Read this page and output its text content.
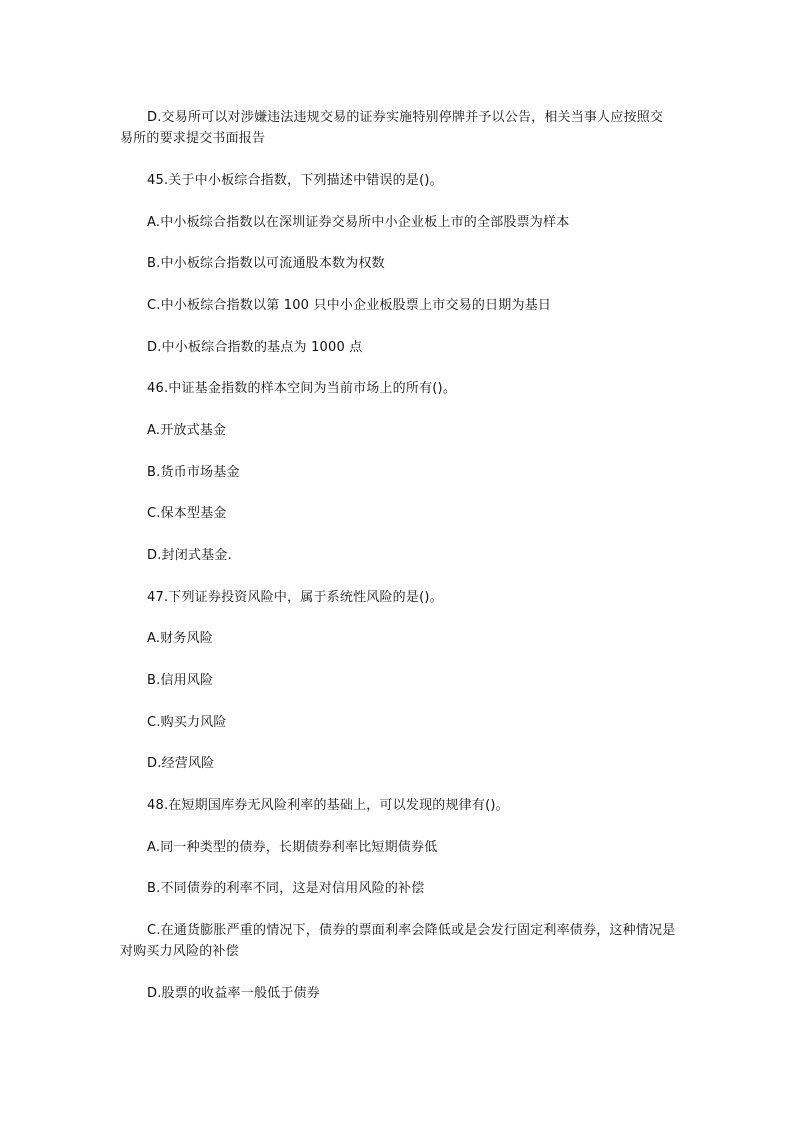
D.交易所可以对涉嫌违法违规交易的证券实施特别停牌并予以公告，相关当事人应按照交易所的要求提交书面报告

45.关于中小板综合指数，下列描述中错误的是()。

A.中小板综合指数以在深圳证券交易所中小企业板上市的全部股票为样本

B.中小板综合指数以可流通股本数为权数

C.中小板综合指数以第 100 只中小企业板股票上市交易的日期为基日

D.中小板综合指数的基点为 1000 点

46.中证基金指数的样本空间为当前市场上的所有()。

A.开放式基金

B.货币市场基金

C.保本型基金

D.封闭式基金.

47.下列证券投资风险中，属于系统性风险的是()。

A.财务风险

B.信用风险

C.购买力风险

D.经营风险

48.在短期国库券无风险利率的基础上，可以发现的规律有()。

A.同一种类型的债券，长期债券利率比短期债券低

B.不同债券的利率不同，这是对信用风险的补偿

C.在通货膨胀严重的情况下，债券的票面利率会降低或是会发行固定利率债券，这种情况是对购买力风险的补偿

D.股票的收益率一般低于债券
